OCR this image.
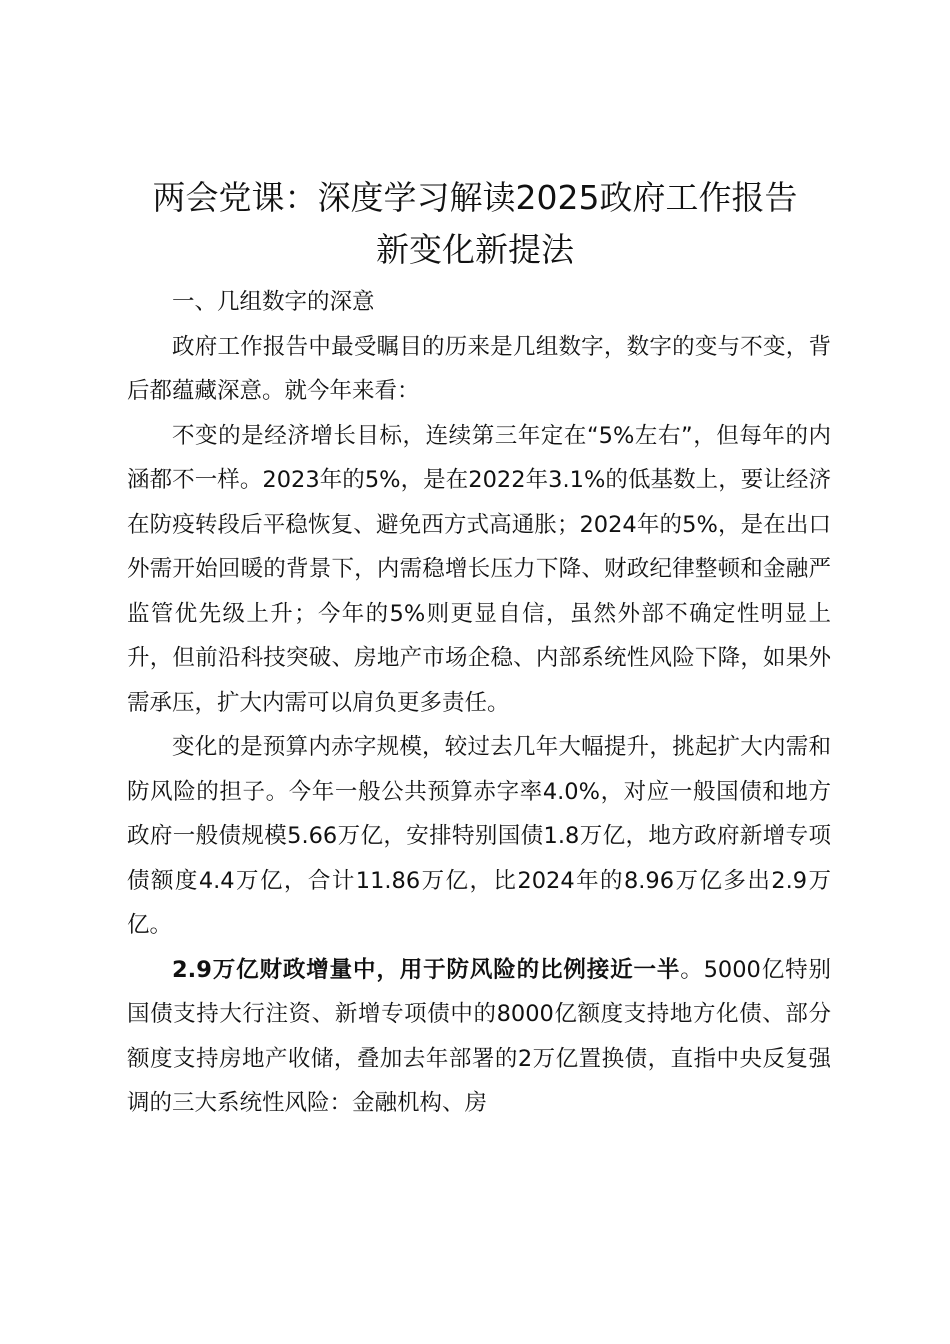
两会党课：深度学习解读2025政府工作报告
新变化新提法

一、几组数字的深意

政府工作报告中最受瞩目的历来是几组数字，数字的变与不变，背后都蕴藏深意。就今年来看：

不变的是经济增长目标，连续第三年定在“5%左右”，但每年的内涵都不一样。2023年的5%，是在2022年3.1%的低基数上，要让经济在防疫转段后平稳恢复、避免西方式高通胀；2024年的5%，是在出口外需开始回暖的背景下，内需稳增长压力下降、财政纪律整顿和金融严监管优先级上升；今年的5%则更显自信，虽然外部不确定性明显上升，但前沿科技突破、房地产市场企稳、内部系统性风险下降，如果外需承压，扩大内需可以肩负更多责任。

变化的是预算内赤字规模，较过去几年大幅提升，挑起扩大内需和防风险的担子。今年一般公共预算赤字率4.0%，对应一般国债和地方政府一般债规模5.66万亿，安排特别国债1.8万亿，地方政府新增专项债额度4.4万亿，合计11.86万亿，比2024年的8.96万亿多出2.9万亿。

2.9万亿财政增量中，用于防风险的比例接近一半。5000亿特别国债支持大行注资、新增专项债中的8000亿额度支持地方化债、部分额度支持房地产收储，叠加去年部署的2万亿置换债，直指中央反复强调的三大系统性风险：金融机构、房
